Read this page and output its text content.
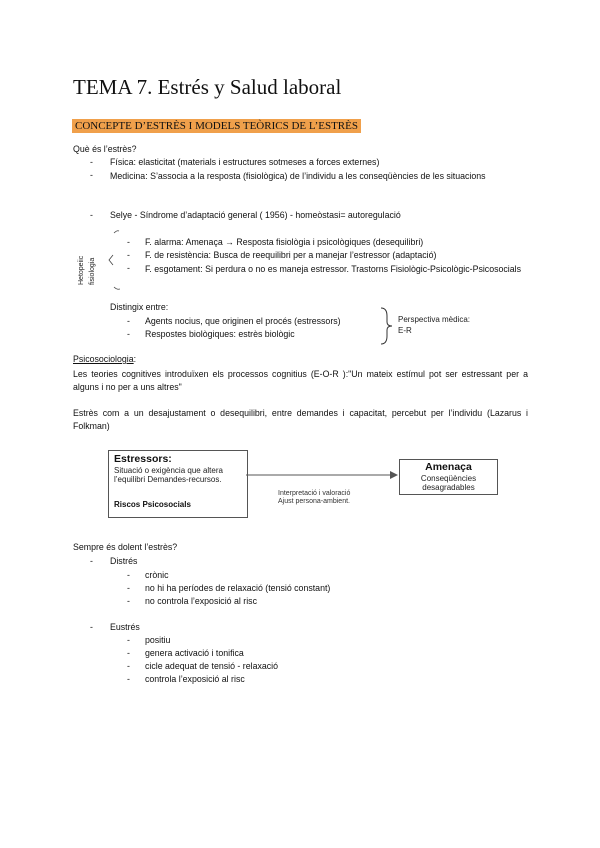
TEMA 7. Estrés y Salud laboral
CONCEPTE D’ESTRÈS I MODELS TEÒRICS DE L’ESTRÈS
Què és l’estrès?
- Física: elasticitat (materials i estructures sotmeses a forces externes)
- Medicina: S’associa a la resposta (fisiològica) de l’individu a les conseqüències de les situacions
- Selye - Síndrome d’adaptació general ( 1956) - homeòstasi= autoregulació
Hetopeiic fisiologia
- F. alarma: Amenaça → Resposta fisiològia i psicològiques (desequilibri)
- F. de resistència: Busca de reequilibri per a manejar l’estressor (adaptació)
- F. esgotament: Si perdura o no es maneja estressor. Trastorns Fisiològic-Psicològic-Psicosocials
Distingix entre:
- Agents nocius, que originen el procés (estressors)
- Respostes biològiques: estrès biològic
Perspectiva mèdica:
E-R
Psicosociologia:
Les teories cognitives introduïxen els processos cognitius (E-O-R ):"Un mateix estímul pot ser estressant per a alguns i no per a uns altres"
Estrès com a un desajustament o desequilibri, entre demandes i capacitat, percebut per l’individu (Lazarus i Folkman)
Estressors:
Situació o exigència que altera l’equilibri Demandes-recursos.
Riscos Psicosocials
Interpretació i valoració
Ajust persona-ambient.
Amenaça
Conseqüències desagradables
Sempre és dolent l’estrès?
- Distrés
- crònic
- no hi ha períodes de relaxació (tensió constant)
- no controla l’exposició al risc
- Eustrés
- positiu
- genera activació i tonifica
- cicle adequat de tensió - relaxació
- controla l’exposició al risc
